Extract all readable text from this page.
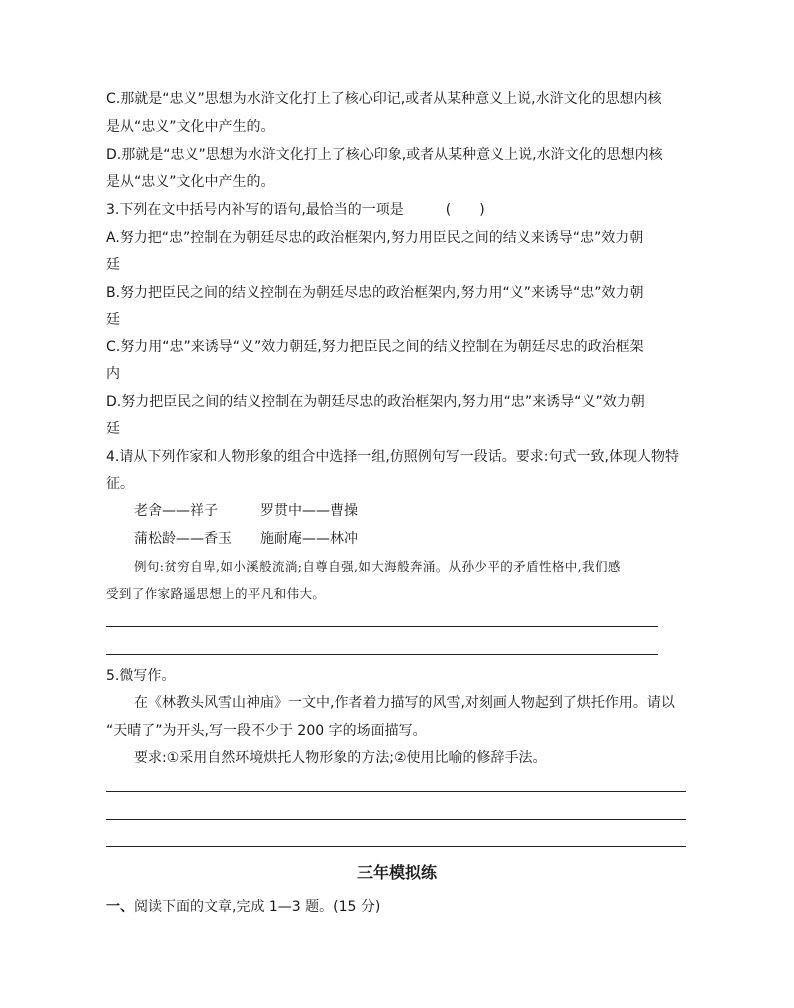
C.那就是“忠义”思想为水浒文化打上了核心印记,或者从某种意义上说,水浒文化的思想内核
是从“忠义”文化中产生的。
D.那就是“忠义”思想为水浒文化打上了核心印象,或者从某种意义上说,水浒文化的思想内核
是从“忠义”文化中产生的。
3.下列在文中括号内补写的语句,最恰当的一项是　　　(　　)
A.努力把“忠”控制在为朝廷尽忠的政治框架内,努力用臣民之间的结义来诱导“忠”效力朝
廷
B.努力把臣民之间的结义控制在为朝廷尽忠的政治框架内,努力用“义”来诱导“忠”效力朝
廷
C.努力用“忠”来诱导“义”效力朝廷,努力把臣民之间的结义控制在为朝廷尽忠的政治框架
内
D.努力把臣民之间的结义控制在为朝廷尽忠的政治框架内,努力用“忠”来诱导“义”效力朝
廷
4.请从下列作家和人物形象的组合中选择一组,仿照例句写一段话。要求:句式一致,体现人物特
征。
老舍——祥子	罗贯中——曹操
蒲松龄——香玉 施耐庵——林冲
例句:贫穷自卑,如小溪般流淌;自尊自强,如大海般奔涌。从孙少平的矛盾性格中,我们感
受到了作家路遥思想上的平凡和伟大。
5.微写作。
在《林教头风雪山神庙》一文中,作者着力描写的风雪,对刻画人物起到了烘托作用。请以
“天晴了”为开头,写一段不少于 200 字的场面描写。
要求:①采用自然环境烘托人物形象的方法;②使用比喻的修辞手法。
三年模拟练
一、阅读下面的文章,完成 1—3 题。(15 分)
